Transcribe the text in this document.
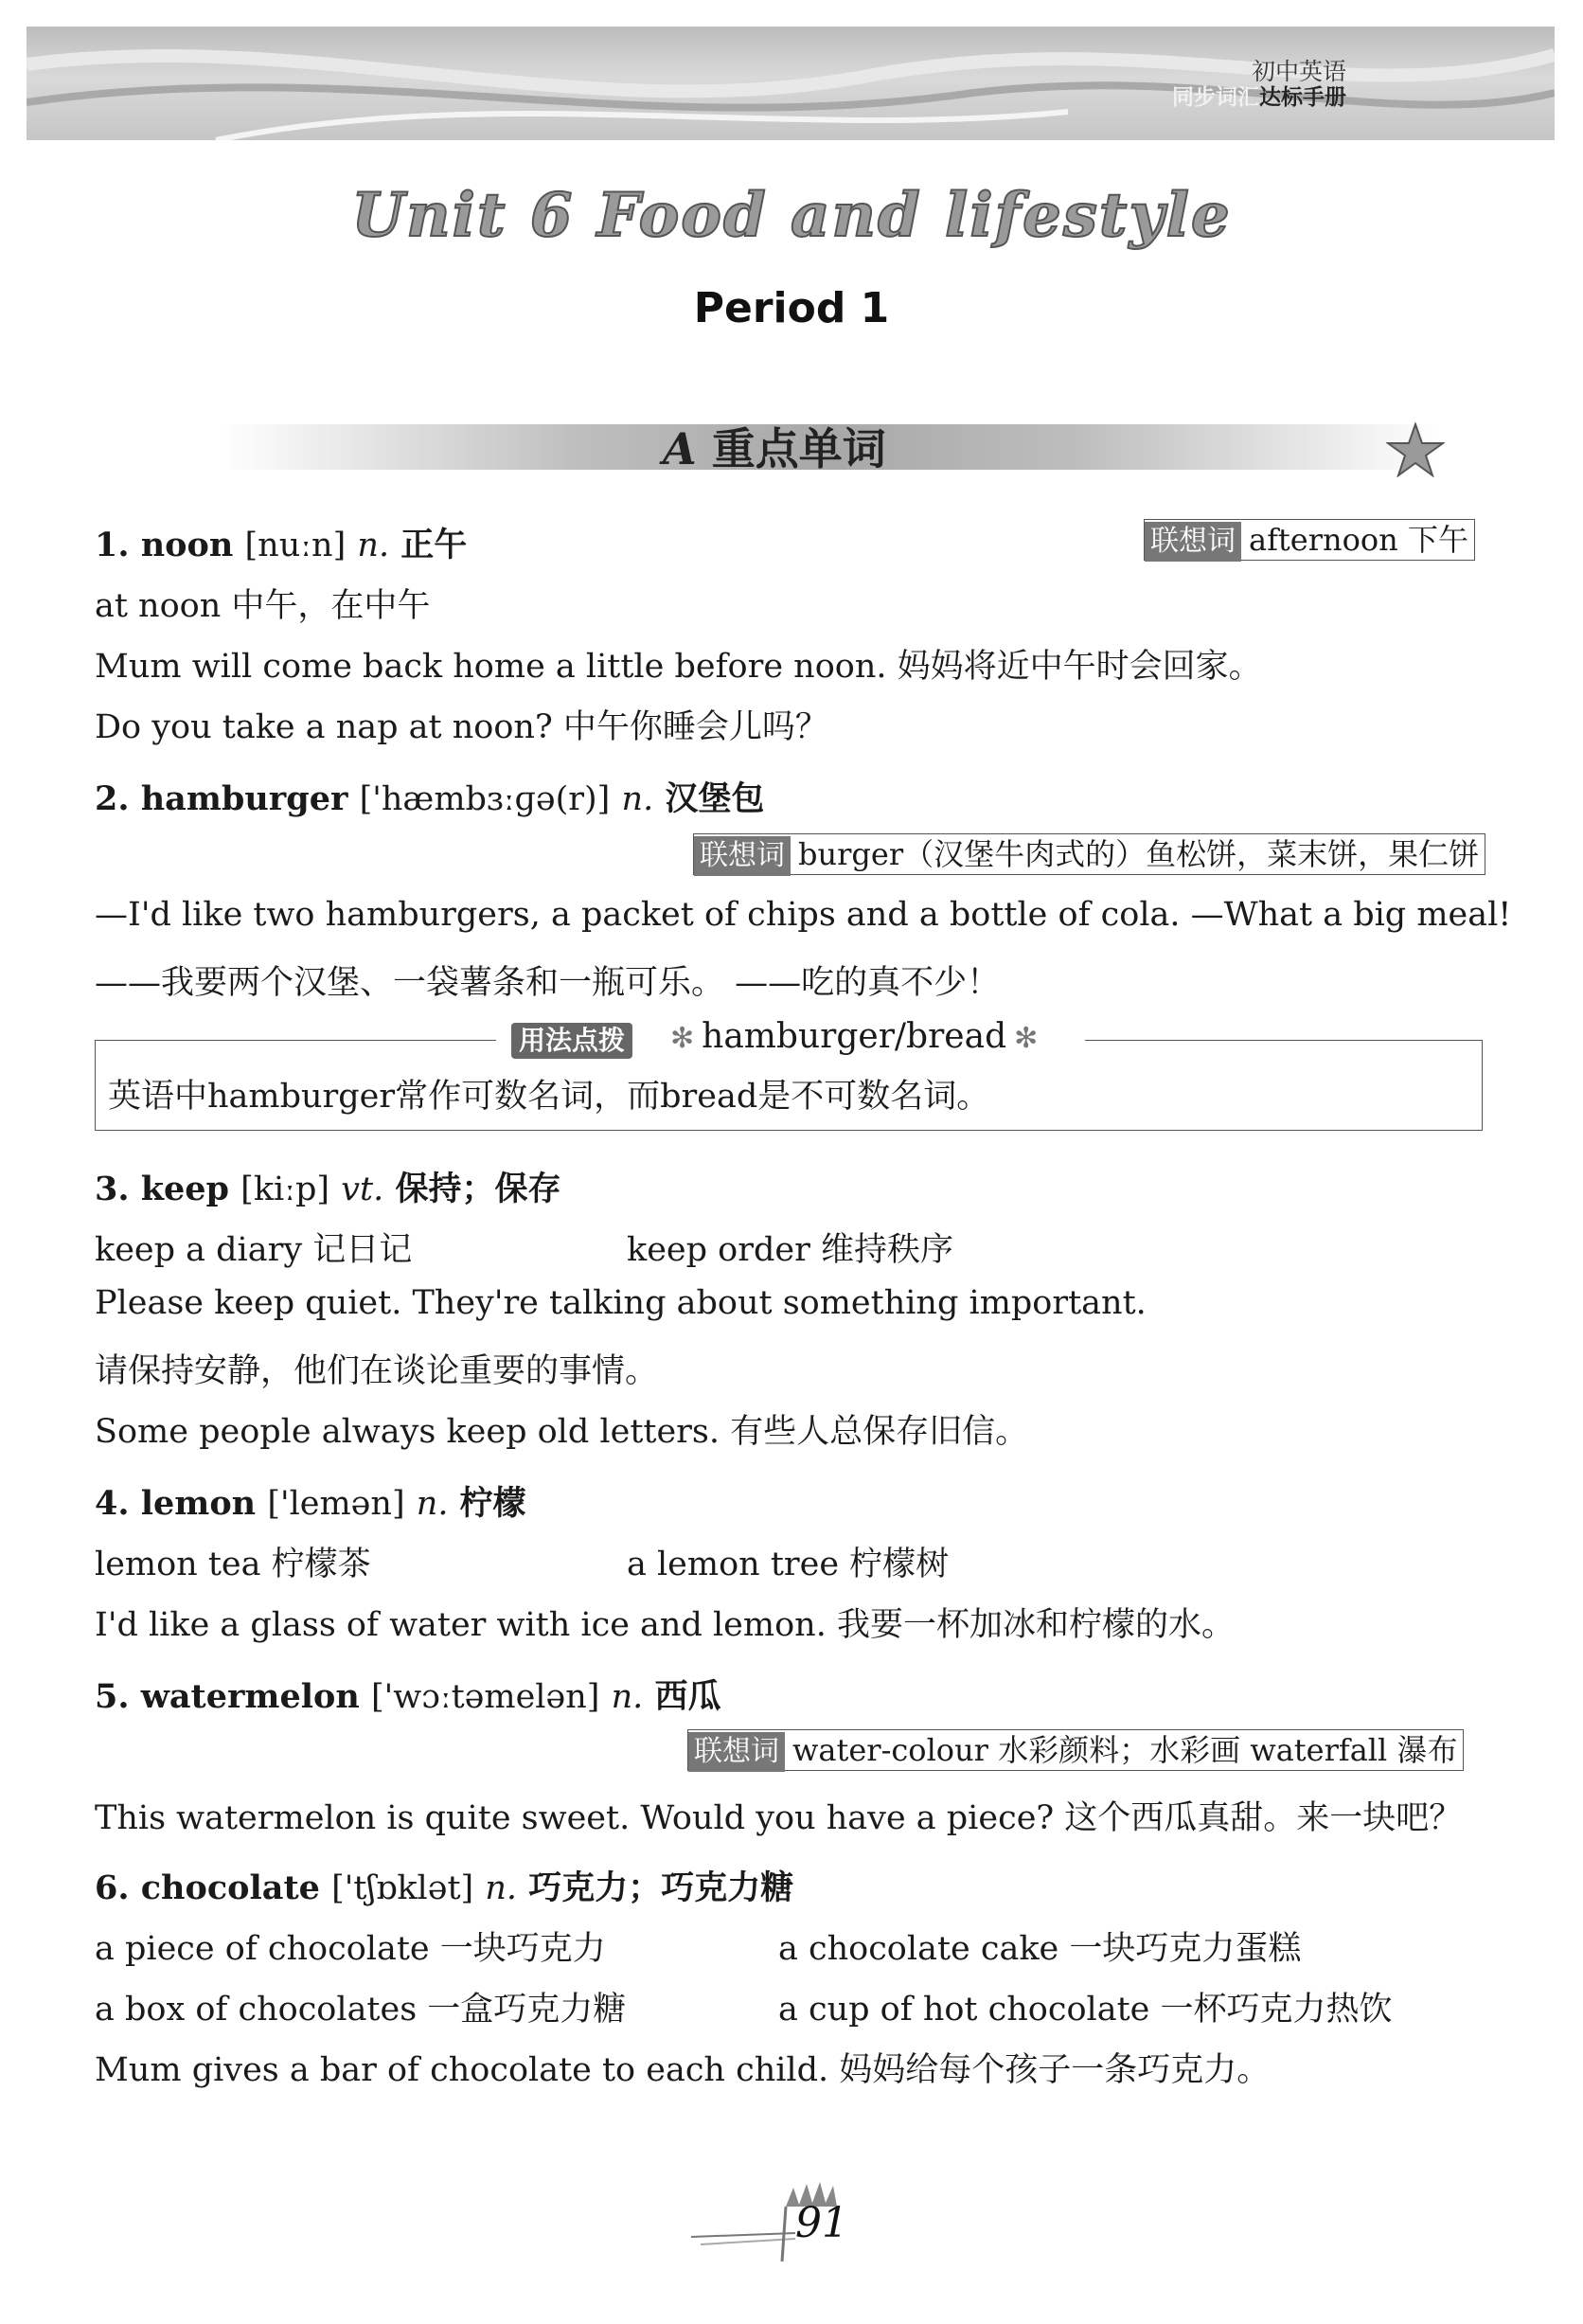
初中英语
同步词汇达标手册
Unit 6 Food and lifestyle
Period 1
A 重点单词
1. noon [nuːn] n. 正午	联想词 afternoon 下午
at noon 中午，在中午
Mum will come back home a little before noon. 妈妈将近中午时会回家。
Do you take a nap at noon? 中午你睡会儿吗？
2. hamburger ['hæmbɜːɡə(r)] n. 汉堡包
联想词 burger（汉堡牛肉式的）鱼松饼，菜末饼，果仁饼
—I'd like two hamburgers, a packet of chips and a bottle of cola. —What a big meal!
——我要两个汉堡、一袋薯条和一瓶可乐。 ——吃的真不少！
用法点拨 ✻ hamburger/bread ✻
英语中hamburger常作可数名词，而bread是不可数名词。
3. keep [kiːp] vt. 保持；保存
keep a diary 记日记	keep order 维持秩序
Please keep quiet. They're talking about something important.
请保持安静，他们在谈论重要的事情。
Some people always keep old letters. 有些人总保存旧信。
4. lemon ['lemən] n. 柠檬
lemon tea 柠檬茶	a lemon tree 柠檬树
I'd like a glass of water with ice and lemon. 我要一杯加冰和柠檬的水。
5. watermelon ['wɔːtəmelən] n. 西瓜
联想词 water-colour 水彩颜料；水彩画 waterfall 瀑布
This watermelon is quite sweet. Would you have a piece? 这个西瓜真甜。来一块吧？
6. chocolate ['tʃɒklət] n. 巧克力；巧克力糖
a piece of chocolate 一块巧克力	a chocolate cake 一块巧克力蛋糕
a box of chocolates 一盒巧克力糖	a cup of hot chocolate 一杯巧克力热饮
Mum gives a bar of chocolate to each child. 妈妈给每个孩子一条巧克力。
91
